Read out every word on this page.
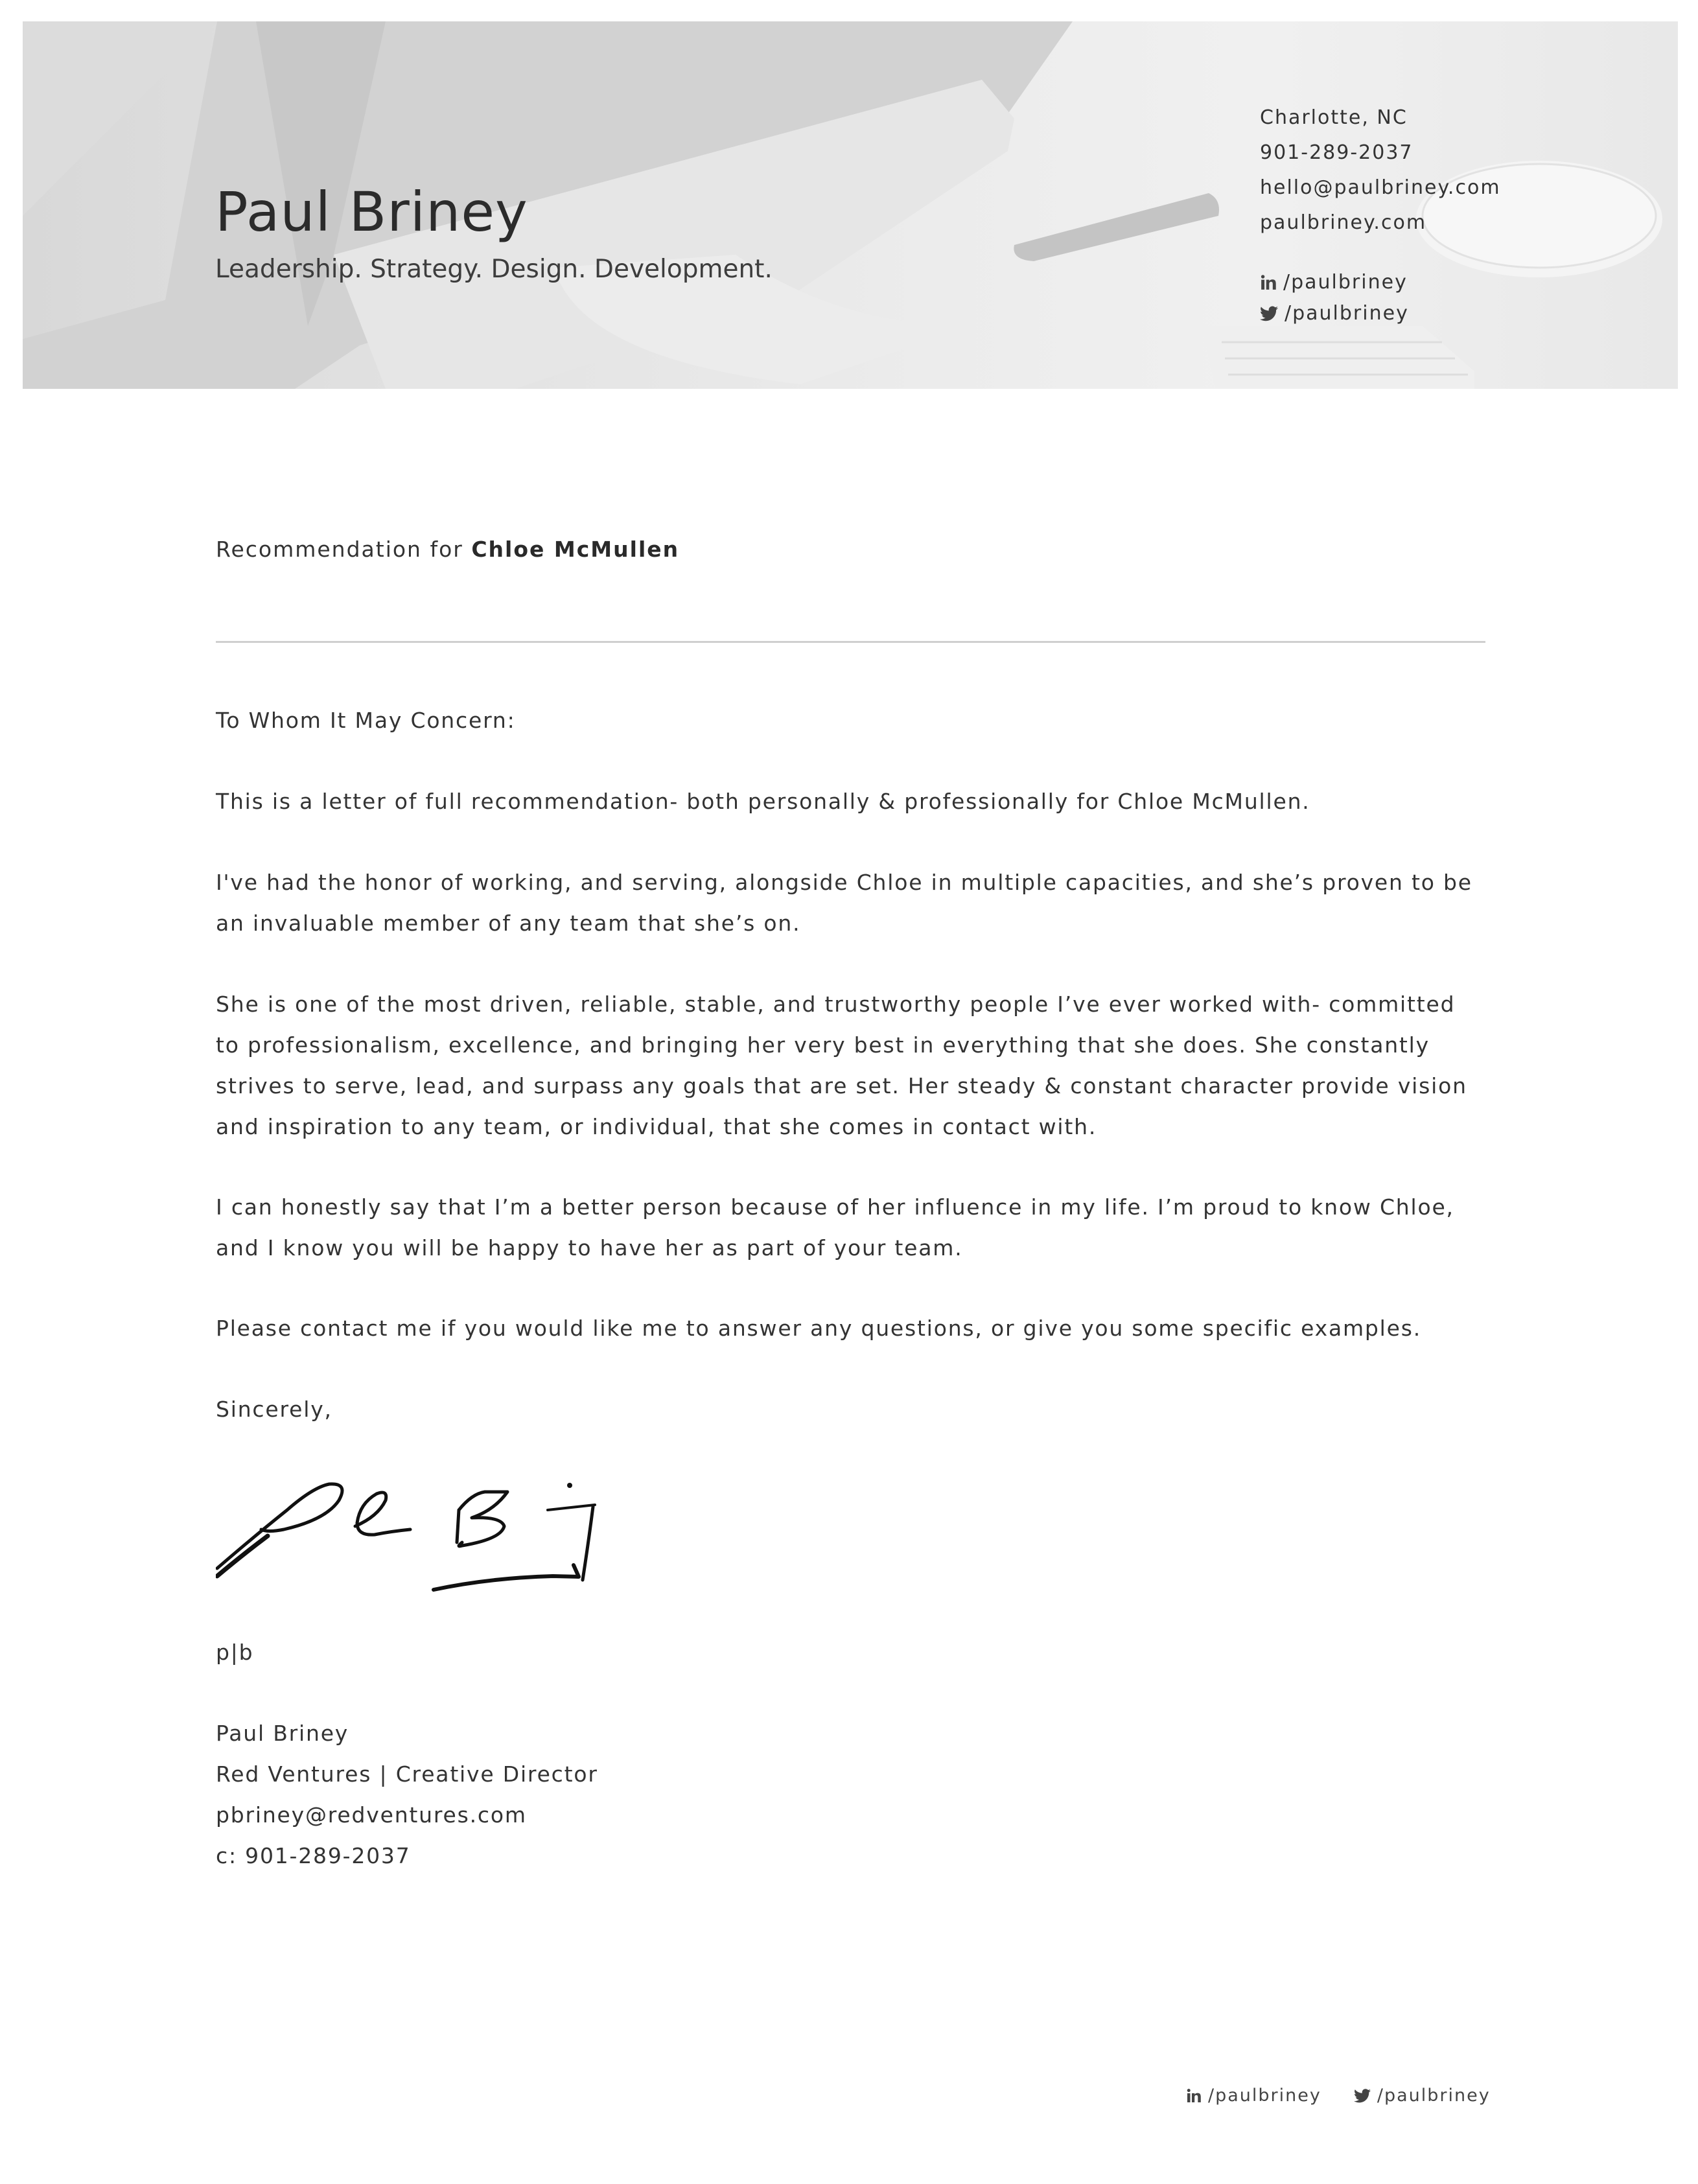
Paul Briney
Leadership. Strategy. Design. Development.
Charlotte, NC
901-289-2037
hello@paulbriney.com
paulbriney.com
/paulbriney
/paulbriney
Recommendation for Chloe McMullen

To Whom It May Concern:

This is a letter of full recommendation- both personally & professionally for Chloe McMullen.

I've had the honor of working, and serving, alongside Chloe in multiple capacities, and she’s proven to be an invaluable member of any team that she’s on.

She is one of the most driven, reliable, stable, and trustworthy people I’ve ever worked with- committed to professionalism, excellence, and bringing her very best in everything that she does. She constantly strives to serve, lead, and surpass any goals that are set. Her steady & constant character provide vision and inspiration to any team, or individual, that she comes in contact with.

I can honestly say that I’m a better person because of her influence in my life. I’m proud to know Chloe, and I know you will be happy to have her as part of your team.

Please contact me if you would like me to answer any questions, or give you some specific examples.

Sincerely,

p|b

Paul Briney
Red Ventures | Creative Director
pbriney@redventures.com
c: 901-289-2037
/paulbriney	/paulbriney
